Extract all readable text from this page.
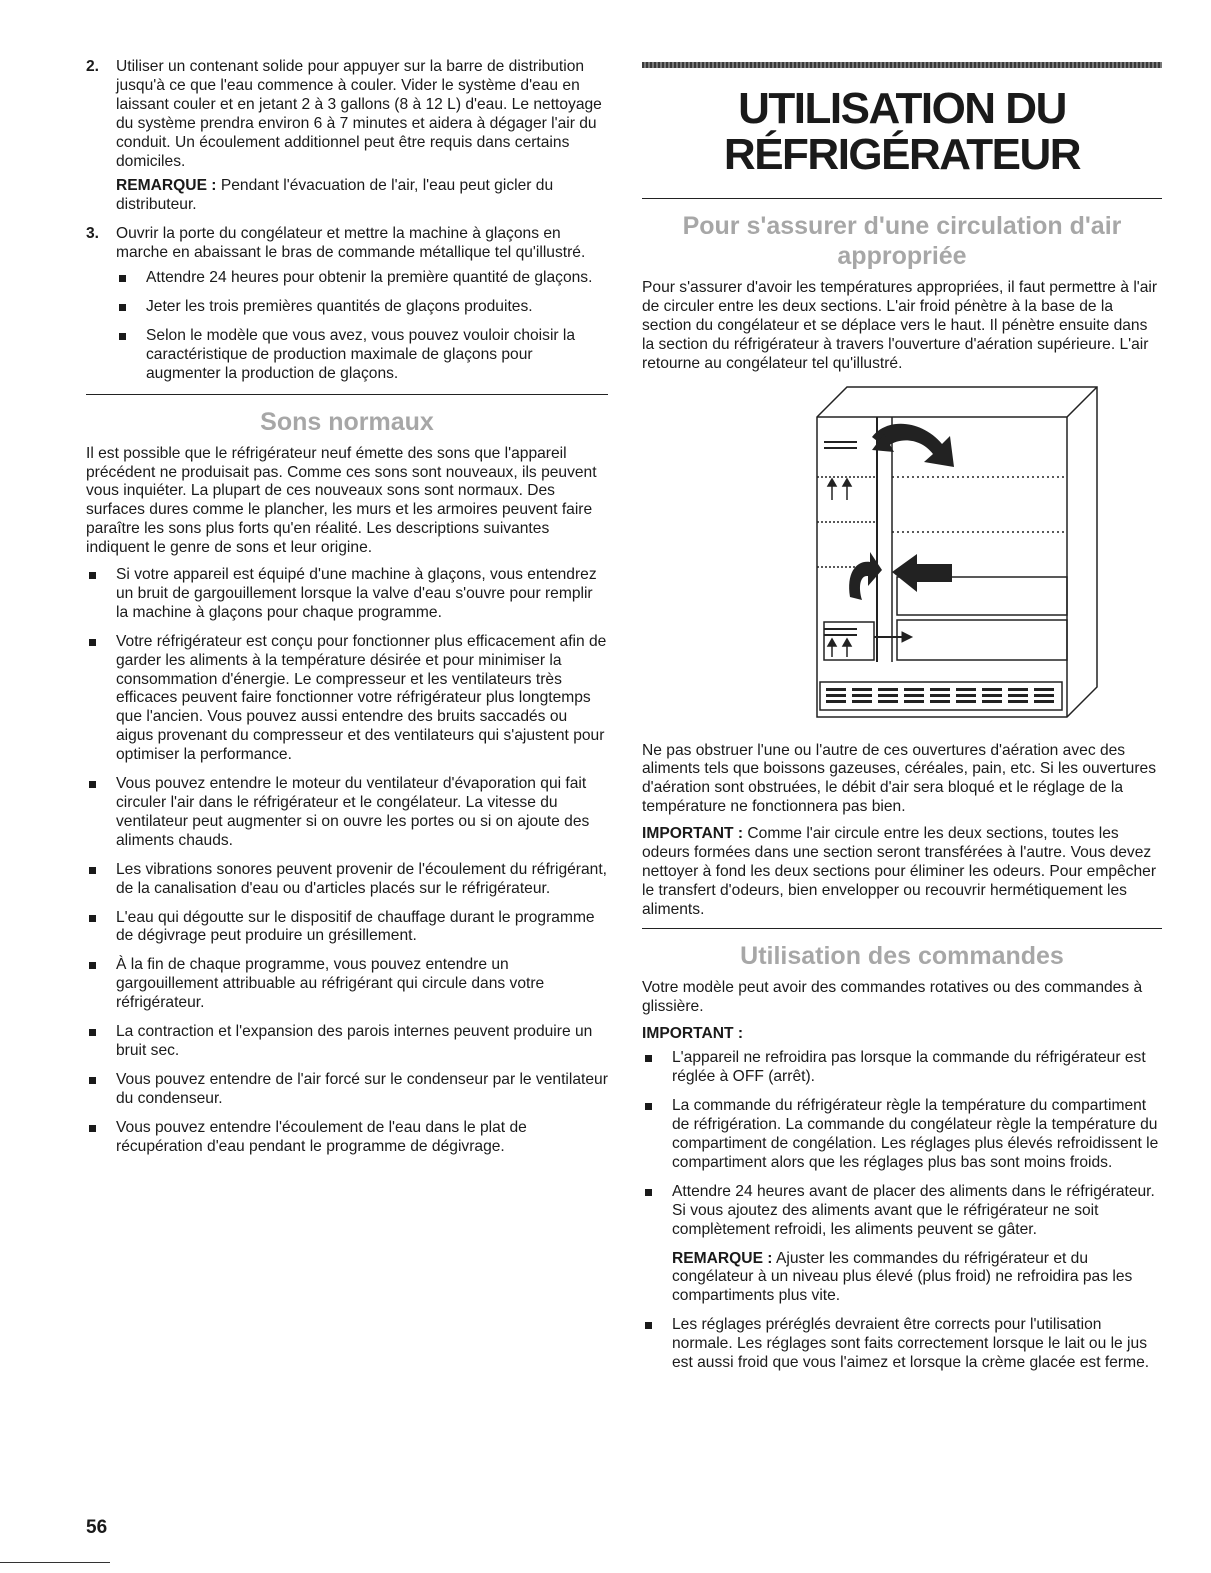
2. Utiliser un contenant solide pour appuyer sur la barre de distribution jusqu'à ce que l'eau commence à couler. Vider le système d'eau en laissant couler et en jetant 2 à 3 gallons (8 à 12 L) d'eau. Le nettoyage du système prendra environ 6 à 7 minutes et aidera à dégager l'air du conduit. Un écoulement additionnel peut être requis dans certains domiciles.

REMARQUE : Pendant l'évacuation de l'air, l'eau peut gicler du distributeur.

3. Ouvrir la porte du congélateur et mettre la machine à glaçons en marche en abaissant le bras de commande métallique tel qu'illustré.

Attendre 24 heures pour obtenir la première quantité de glaçons.
Jeter les trois premières quantités de glaçons produites.
Selon le modèle que vous avez, vous pouvez vouloir choisir la caractéristique de production maximale de glaçons pour augmenter la production de glaçons.
Sons normaux

Il est possible que le réfrigérateur neuf émette des sons que l'appareil précédent ne produisait pas. Comme ces sons sont nouveaux, ils peuvent vous inquiéter. La plupart de ces nouveaux sons sont normaux. Des surfaces dures comme le plancher, les murs et les armoires peuvent faire paraître les sons plus forts qu'en réalité. Les descriptions suivantes indiquent le genre de sons et leur origine.

Si votre appareil est équipé d'une machine à glaçons, vous entendrez un bruit de gargouillement lorsque la valve d'eau s'ouvre pour remplir la machine à glaçons pour chaque programme.
Votre réfrigérateur est conçu pour fonctionner plus efficacement afin de garder les aliments à la température désirée et pour minimiser la consommation d'énergie. Le compresseur et les ventilateurs très efficaces peuvent faire fonctionner votre réfrigérateur plus longtemps que l'ancien. Vous pouvez aussi entendre des bruits saccadés ou aigus provenant du compresseur et des ventilateurs qui s'ajustent pour optimiser la performance.
Vous pouvez entendre le moteur du ventilateur d'évaporation qui fait circuler l'air dans le réfrigérateur et le congélateur. La vitesse du ventilateur peut augmenter si on ouvre les portes ou si on ajoute des aliments chauds.
Les vibrations sonores peuvent provenir de l'écoulement du réfrigérant, de la canalisation d'eau ou d'articles placés sur le réfrigérateur.
L'eau qui dégoutte sur le dispositif de chauffage durant le programme de dégivrage peut produire un grésillement.
À la fin de chaque programme, vous pouvez entendre un gargouillement attribuable au réfrigérant qui circule dans votre réfrigérateur.
La contraction et l'expansion des parois internes peuvent produire un bruit sec.
Vous pouvez entendre de l'air forcé sur le condenseur par le ventilateur du condenseur.
Vous pouvez entendre l'écoulement de l'eau dans le plat de récupération d'eau pendant le programme de dégivrage.
UTILISATION DU
RÉFRIGÉRATEUR
Pour s'assurer d'une circulation d'air appropriée

Pour s'assurer d'avoir les températures appropriées, il faut permettre à l'air de circuler entre les deux sections. L'air froid pénètre à la base de la section du congélateur et se déplace vers le haut. Il pénètre ensuite dans la section du réfrigérateur à travers l'ouverture d'aération supérieure. L'air retourne au congélateur tel qu'illustré.

Ne pas obstruer l'une ou l'autre de ces ouvertures d'aération avec des aliments tels que boissons gazeuses, céréales, pain, etc. Si les ouvertures d'aération sont obstruées, le débit d'air sera bloqué et le réglage de la température ne fonctionnera pas bien.

IMPORTANT : Comme l'air circule entre les deux sections, toutes les odeurs formées dans une section seront transférées à l'autre. Vous devez nettoyer à fond les deux sections pour éliminer les odeurs. Pour empêcher le transfert d'odeurs, bien envelopper ou recouvrir hermétiquement les aliments.

Utilisation des commandes

Votre modèle peut avoir des commandes rotatives ou des commandes à glissière.

IMPORTANT :

L'appareil ne refroidira pas lorsque la commande du réfrigérateur est réglée à OFF (arrêt).
La commande du réfrigérateur règle la température du compartiment de réfrigération. La commande du congélateur règle la température du compartiment de congélation. Les réglages plus élevés refroidissent le compartiment alors que les réglages plus bas sont moins froids.
Attendre 24 heures avant de placer des aliments dans le réfrigérateur. Si vous ajoutez des aliments avant que le réfrigérateur ne soit complètement refroidi, les aliments peuvent se gâter.

REMARQUE : Ajuster les commandes du réfrigérateur et du congélateur à un niveau plus élevé (plus froid) ne refroidira pas les compartiments plus vite.

Les réglages préréglés devraient être corrects pour l'utilisation normale. Les réglages sont faits correctement lorsque le lait ou le jus est aussi froid que vous l'aimez et lorsque la crème glacée est ferme.
56
